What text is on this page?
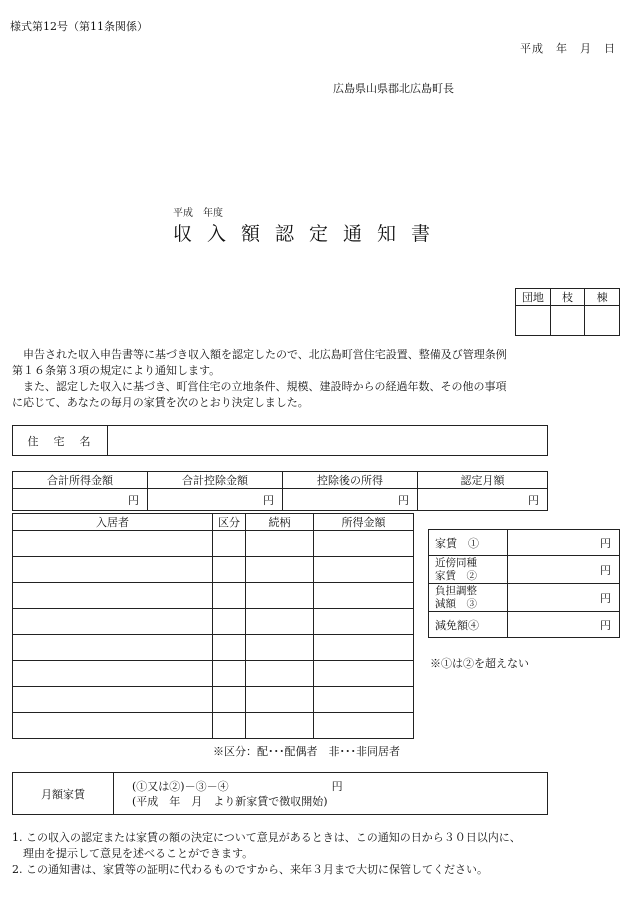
様式第12号（第11条関係）
平成　年　月　日
広島県山県郡北広島町長
平成　年度
収入額認定通知書
団地	枝	棟

　申告された収入申告書等に基づき収入額を認定したので、北広島町営住宅設置、整備及び管理条例
第１６条第３項の規定により通知します。
　また、認定した収入に基づき、町営住宅の立地条件、規模、建設時からの経過年数、その他の事項
に応じて、あなたの毎月の家賃を次のとおり決定しました。
住　宅　名	
合計所得金額	合計控除金額	控除後の所得	認定月額
円	円	円	円
入居者	区分	続柄	所得金額

※区分：配･･･配偶者　非･･･非同居者
家賃　①	円

近傍同種
家賃　②	円

負担調整
減額　③	円
減免額④	円
※①は②を超えない
月額家賃	
(①又は②)－③－④	円
(平成　年　月　より新家賃で徴収開始)
1. この収入の認定または家賃の額の決定について意見があるときは、この通知の日から３０日以内に、
　理由を提示して意見を述べることができます。
2. この通知書は、家賃等の証明に代わるものですから、来年３月まで大切に保管してください。
